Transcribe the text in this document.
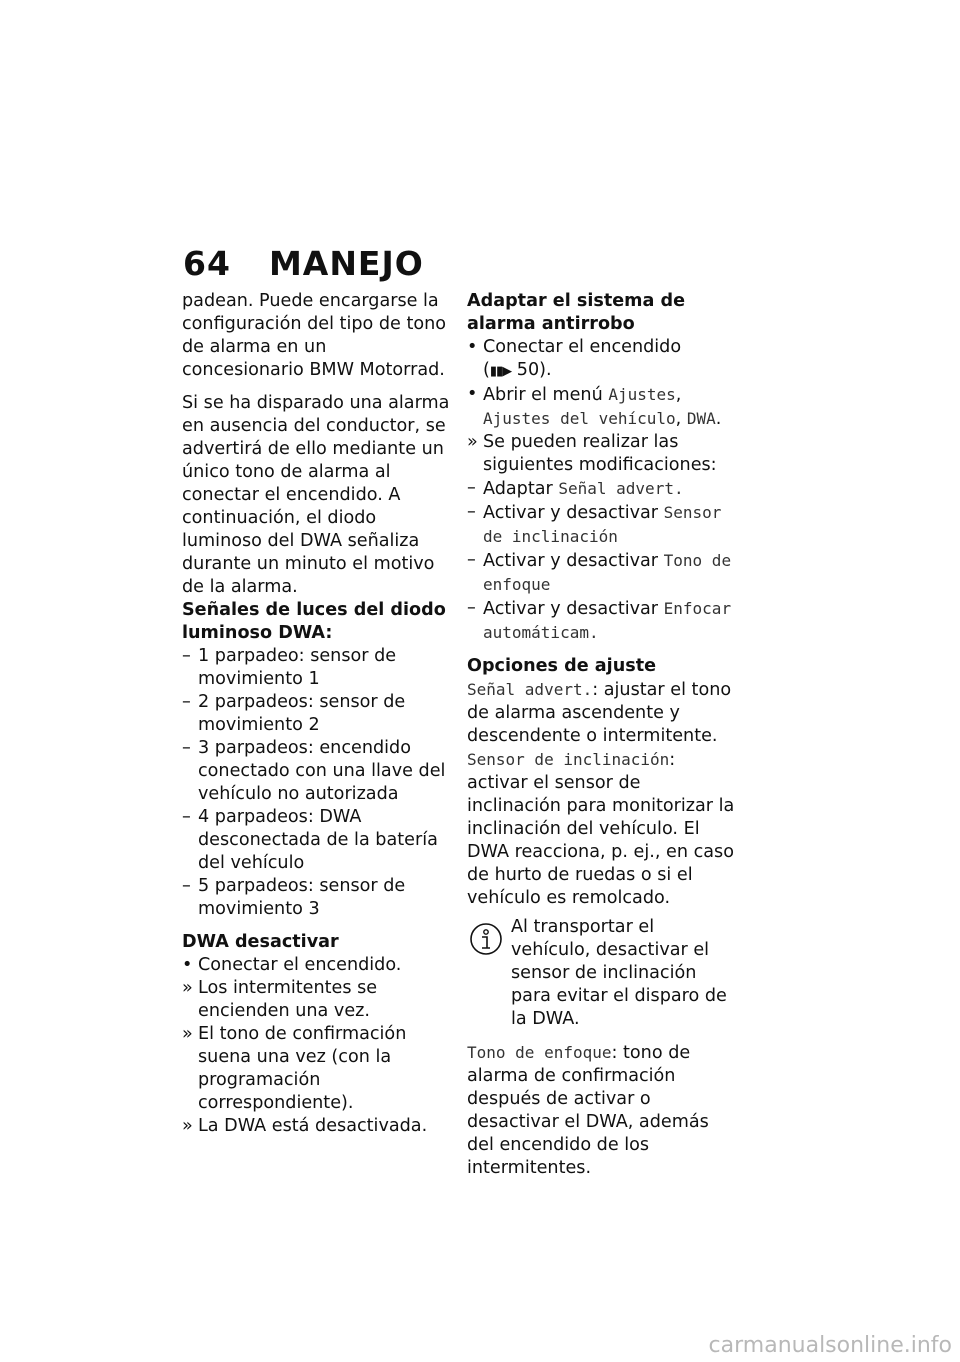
64 MANEJO

padean. Puede encargarse la configuración del tipo de tono de alarma en un concesionario BMW Motorrad.

Si se ha disparado una alarma en ausencia del conductor, se advertirá de ello mediante un único tono de alarma al conectar el encendido. A continuación, el diodo luminoso del DWA señaliza durante un minuto el motivo de la alarma.

Señales de luces del diodo luminoso DWA:
– 1 parpadeo: sensor de movimiento 1
– 2 parpadeos: sensor de movimiento 2
– 3 parpadeos: encendido conectado con una llave del vehículo no autorizada
– 4 parpadeos: DWA desconectada de la batería del vehículo
– 5 parpadeos: sensor de movimiento 3
DWA desactivar
• Conectar el encendido.
» Los intermitentes se encienden una vez.
» El tono de confirmación suena una vez (con la programación correspondiente).
» La DWA está desactivada.
Adaptar el sistema de alarma antirrobo
• Conectar el encendido
(▮▮▶ 50).
• Abrir el menú Ajustes, Ajustes del vehículo, DWA.
» Se pueden realizar las siguientes modificaciones:
– Adaptar Señal advert.
– Activar y desactivar Sensor de inclinación
– Activar y desactivar Tono de enfoque
– Activar y desactivar Enfocar automáticam.
Opciones de ajuste

Señal advert.: ajustar el tono de alarma ascendente y descendente o intermitente.

Sensor de inclinación: activar el sensor de inclinación para monitorizar la inclinación del vehículo. El DWA reacciona, p. ej., en caso de hurto de ruedas o si el vehículo es remolcado.

Al transportar el vehículo, desactivar el sensor de inclinación para evitar el disparo de la DWA.

Tono de enfoque: tono de alarma de confirmación después de activar o desactivar el DWA, además del encendido de los intermitentes.

carmanualsonline.info
